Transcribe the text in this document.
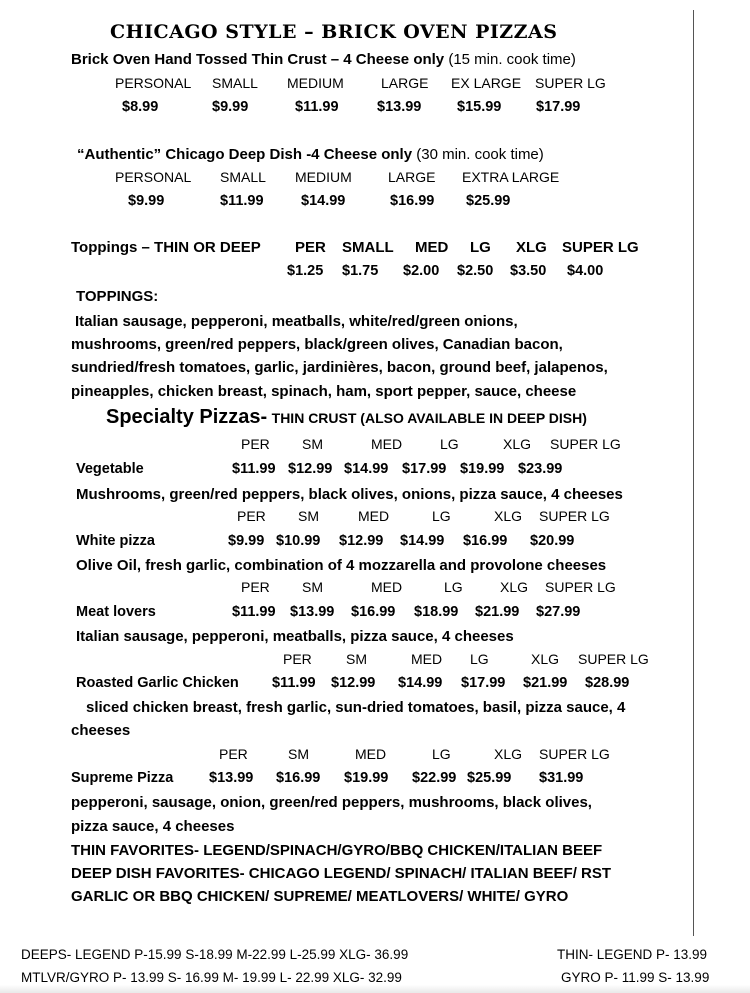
CHICAGO STYLE – BRICK OVEN PIZZAS
Brick Oven Hand Tossed Thin Crust – 4 Cheese only (15 min. cook time)
PERSONAL SMALL MEDIUM	LARGE EX LARGE SUPER LG
$8.99	$9.99	$11.99	$13.99 $15.99 $17.99
“Authentic” Chicago Deep Dish -4 Cheese only (30 min. cook time)
PERSONAL SMALL MEDIUM	LARGE EXTRA LARGE
$9.99	$11.99	$14.99	$16.99 $25.99
Toppings – THIN OR DEEP PER SMALL MED LG XLG SUPER LG
$1.25 $1.75 $2.00 $2.50 $3.50 $4.00
TOPPINGS:
Italian sausage, pepperoni, meatballs, white/red/green onions,
mushrooms, green/red peppers, black/green olives, Canadian bacon,
sundried/fresh tomatoes, garlic, jardinières, bacon, ground beef, jalapenos,
pineapples, chicken breast, spinach, ham, sport pepper, sauce, cheese
Specialty Pizzas- THIN CRUST (ALSO AVAILABLE IN DEEP DISH)
PER SM	MED	LG	XLG SUPER LG
Vegetable	$11.99 $12.99 $14.99 $17.99 $19.99 $23.99
Mushrooms, green/red peppers, black olives, onions, pizza sauce, 4 cheeses
PER SM	MED	LG	XLG SUPER LG
White pizza	$9.99 $10.99 $12.99 $14.99 $16.99 $20.99
Olive Oil, fresh garlic, combination of 4 mozzarella and provolone cheeses
PER SM	MED	LG	XLG SUPER LG
Meat lovers	$11.99 $13.99 $16.99 $18.99 $21.99 $27.99
Italian sausage, pepperoni, meatballs, pizza sauce, 4 cheeses
PER SM	MED LG	XLG SUPER LG
Roasted Garlic Chicken $11.99 $12.99 $14.99 $17.99 $21.99 $28.99
sliced chicken breast, fresh garlic, sun-dried tomatoes, basil, pizza sauce, 4
cheeses
PER	SM	MED	LG	XLG SUPER LG
Supreme Pizza $13.99 $16.99 $19.99 $22.99 $25.99 $31.99
pepperoni, sausage, onion, green/red peppers, mushrooms, black olives,
pizza sauce, 4 cheeses
THIN FAVORITES- LEGEND/SPINACH/GYRO/BBQ CHICKEN/ITALIAN BEEF
DEEP DISH FAVORITES- CHICAGO LEGEND/ SPINACH/ ITALIAN BEEF/ RST
GARLIC OR BBQ CHICKEN/ SUPREME/ MEATLOVERS/ WHITE/ GYRO
DEEPS- LEGEND P-15.99 S-18.99 M-22.99 L-25.99 XLG- 36.99
MTLVR/GYRO P- 13.99 S- 16.99 M- 19.99 L- 22.99 XLG- 32.99
THIN- LEGEND P- 13.99
GYRO P- 11.99 S- 13.99
